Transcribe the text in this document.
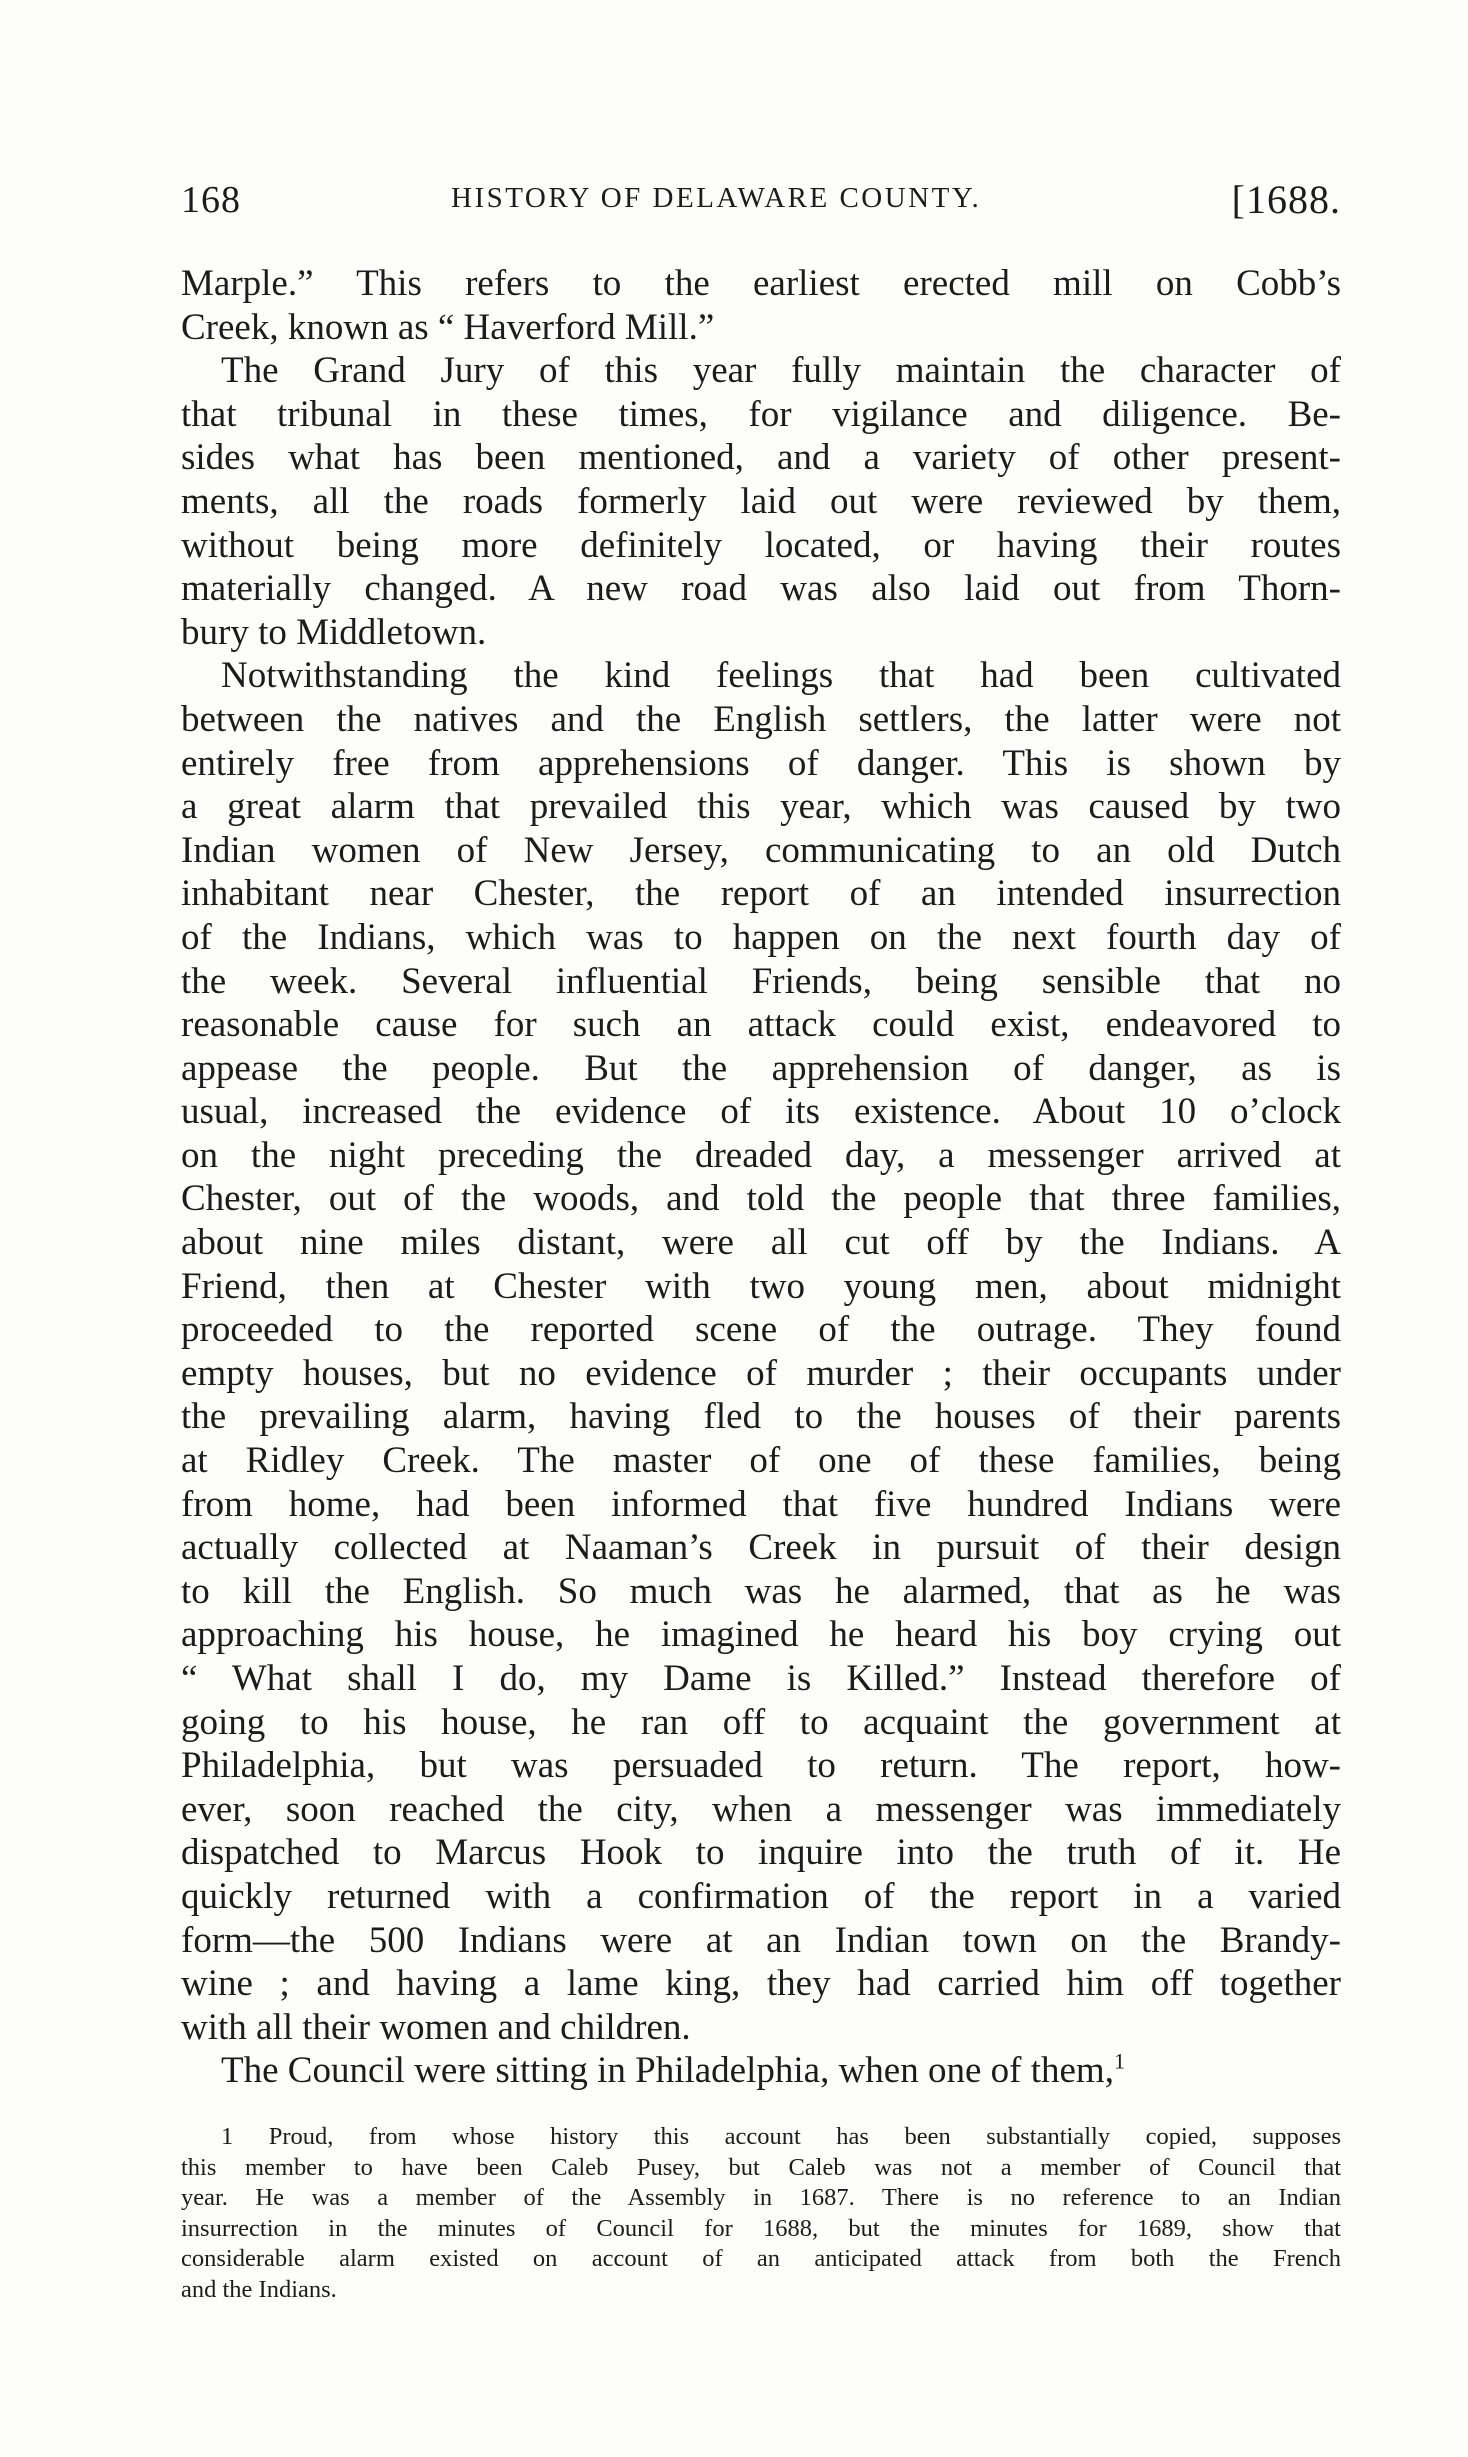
168	HISTORY OF DELAWARE COUNTY.	[1688.
Marple.” This refers to the earliest erected mill on Cobb’s
Creek, known as “ Haverford Mill.”
The Grand Jury of this year fully maintain the character of
that tribunal in these times, for vigilance and diligence. Be-
sides what has been mentioned, and a variety of other present-
ments, all the roads formerly laid out were reviewed by them,
without being more definitely located, or having their routes
materially changed. A new road was also laid out from Thorn-
bury to Middletown.
Notwithstanding the kind feelings that had been cultivated
between the natives and the English settlers, the latter were not
entirely free from apprehensions of danger. This is shown by
a great alarm that prevailed this year, which was caused by two
Indian women of New Jersey, communicating to an old Dutch
inhabitant near Chester, the report of an intended insurrection
of the Indians, which was to happen on the next fourth day of
the week. Several influential Friends, being sensible that no
reasonable cause for such an attack could exist, endeavored to
appease the people. But the apprehension of danger, as is
usual, increased the evidence of its existence. About 10 o’clock
on the night preceding the dreaded day, a messenger arrived at
Chester, out of the woods, and told the people that three families,
about nine miles distant, were all cut off by the Indians. A
Friend, then at Chester with two young men, about midnight
proceeded to the reported scene of the outrage. They found
empty houses, but no evidence of murder ; their occupants under
the prevailing alarm, having fled to the houses of their parents
at Ridley Creek. The master of one of these families, being
from home, had been informed that five hundred Indians were
actually collected at Naaman’s Creek in pursuit of their design
to kill the English. So much was he alarmed, that as he was
approaching his house, he imagined he heard his boy crying out
“ What shall I do, my Dame is Killed.” Instead therefore of
going to his house, he ran off to acquaint the government at
Philadelphia, but was persuaded to return. The report, how-
ever, soon reached the city, when a messenger was immediately
dispatched to Marcus Hook to inquire into the truth of it. He
quickly returned with a confirmation of the report in a varied
form—the 500 Indians were at an Indian town on the Brandy-
wine ; and having a lame king, they had carried him off together
with all their women and children.
The Council were sitting in Philadelphia, when one of them,$^1$
1 Proud, from whose history this account has been substantially copied, supposes
this member to have been Caleb Pusey, but Caleb was not a member of Council that
year. He was a member of the Assembly in 1687. There is no reference to an Indian
insurrection in the minutes of Council for 1688, but the minutes for 1689, show that
considerable alarm existed on account of an anticipated attack from both the French
and the Indians.
